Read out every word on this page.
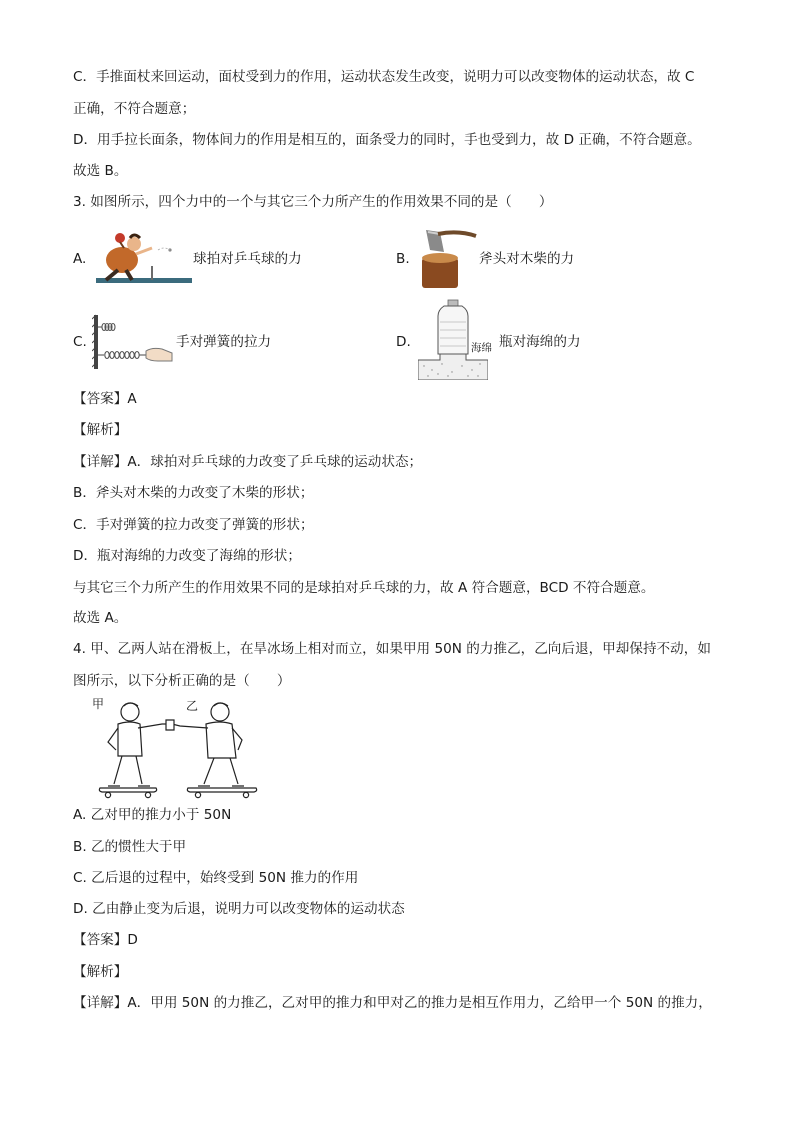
C．手推面杖来回运动，面杖受到力的作用，运动状态发生改变，说明力可以改变物体的运动状态，故 C
正确，不符合题意；
D．用手拉长面条，物体间力的作用是相互的，面条受力的同时，手也受到力，故 D 正确，不符合题意。
故选 B。
3. 如图所示，四个力中的一个与其它三个力所产生的作用效果不同的是（　　）
A.	球拍对乒乓球的力	B.	斧头对木柴的力
C.	手对弹簧的拉力	D.	海绵 瓶对海绵的力
【答案】A
【解析】
【详解】A．球拍对乒乓球的力改变了乒乓球的运动状态；
B．斧头对木柴的力改变了木柴的形状；
C．手对弹簧的拉力改变了弹簧的形状；
D．瓶对海绵的力改变了海绵的形状；
与其它三个力所产生的作用效果不同的是球拍对乒乓球的力，故 A 符合题意，BCD 不符合题意。
故选 A。
4. 甲、乙两人站在滑板上，在旱冰场上相对而立，如果甲用 50N 的力推乙，乙向后退，甲却保持不动，如
图所示，以下分析正确的是（　　）
甲	乙
A. 乙对甲的推力小于 50N
B. 乙的惯性大于甲
C. 乙后退的过程中，始终受到 50N 推力的作用
D. 乙由静止变为后退，说明力可以改变物体的运动状态
【答案】D
【解析】
【详解】A．甲用 50N 的力推乙，乙对甲的推力和甲对乙的推力是相互作用力，乙给甲一个 50N 的推力，
